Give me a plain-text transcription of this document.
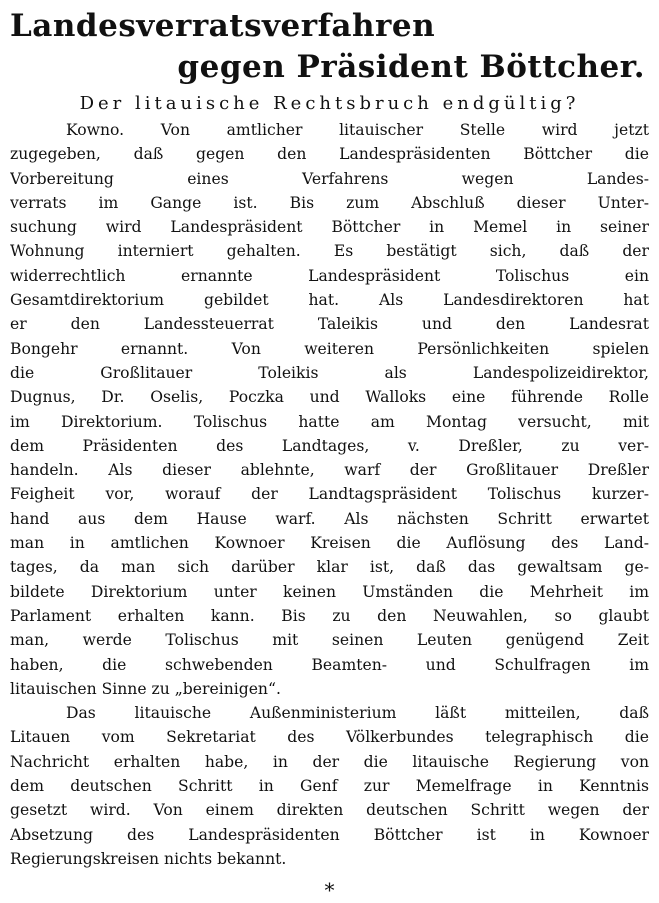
Landesverratsverfahren
gegen Präsident Böttcher.
Der litauische Rechtsbruch endgültig?

Kowno. Von amtlicher litauischer Stelle wird jetzt
zugegeben, daß gegen den Landespräsidenten Böttcher die
Vorbereitung eines Verfahrens wegen Landes-
verrats im Gange ist. Bis zum Abschluß dieser Unter-
suchung wird Landespräsident Böttcher in Memel in seiner
Wohnung interniert gehalten. Es bestätigt sich, daß der
widerrechtlich ernannte Landespräsident Tolischus ein
Gesamtdirektorium gebildet hat. Als Landesdirektoren hat
er den Landessteuerrat Taleikis und den Landesrat
Bongehr ernannt. Von weiteren Persönlichkeiten spielen
die Großlitauer Toleikis als Landespolizeidirektor,
Dugnus, Dr. Oselis, Poczka und Walloks eine führende Rolle
im Direktorium. Tolischus hatte am Montag versucht, mit
dem Präsidenten des Landtages, v. Dreßler, zu ver-
handeln. Als dieser ablehnte, warf der Großlitauer Dreßler
Feigheit vor, worauf der Landtagspräsident Tolischus kurzer-
hand aus dem Hause warf. Als nächsten Schritt erwartet
man in amtlichen Kownoer Kreisen die Auflösung des Land-
tages, da man sich darüber klar ist, daß das gewaltsam ge-
bildete Direktorium unter keinen Umständen die Mehrheit im
Parlament erhalten kann. Bis zu den Neuwahlen, so glaubt
man, werde Tolischus mit seinen Leuten genügend Zeit
haben, die schwebenden Beamten- und Schulfragen im
litauischen Sinne zu „bereinigen“.

Das litauische Außenministerium läßt mitteilen, daß
Litauen vom Sekretariat des Völkerbundes telegraphisch die
Nachricht erhalten habe, in der die litauische Regierung von
dem deutschen Schritt in Genf zur Memelfrage in Kenntnis
gesetzt wird. Von einem direkten deutschen Schritt wegen der
Absetzung des Landespräsidenten Böttcher ist in Kownoer
Regierungskreisen nichts bekannt.

*
